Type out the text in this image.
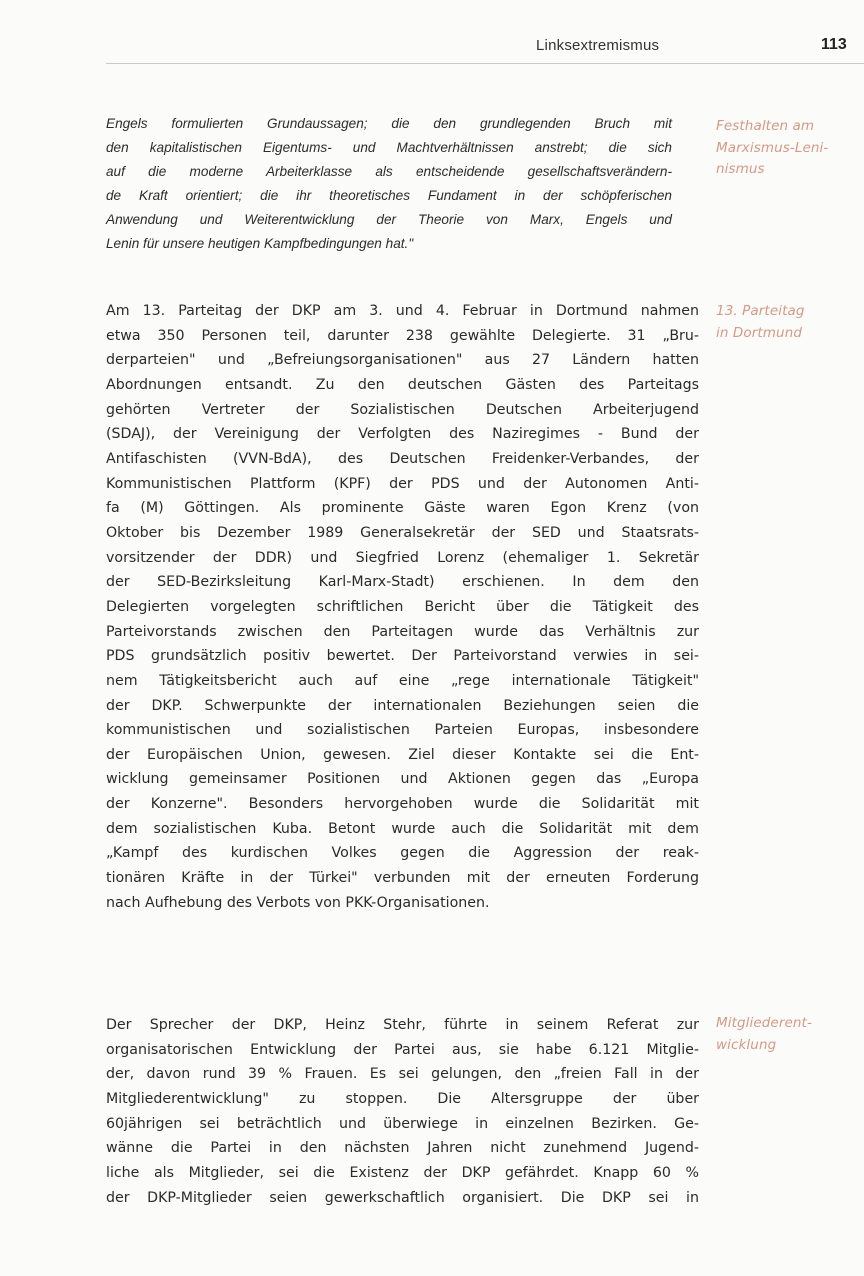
Linksextremismus	113
Engels formulierten Grundaussagen; die den grundlegenden Bruch mit
den kapitalistischen Eigentums- und Machtverhältnissen anstrebt; die sich
auf die moderne Arbeiterklasse als entscheidende gesellschaftsverändern-
de Kraft orientiert; die ihr theoretisches Fundament in der schöpferischen
Anwendung und Weiterentwicklung der Theorie von Marx, Engels und
Lenin für unsere heutigen Kampfbedingungen hat."
Am 13. Parteitag der DKP am 3. und 4. Februar in Dortmund nahmen
etwa 350 Personen teil, darunter 238 gewählte Delegierte. 31 „Bru-
derparteien" und „Befreiungsorganisationen" aus 27 Ländern hatten
Abordnungen entsandt. Zu den deutschen Gästen des Parteitags
gehörten Vertreter der Sozialistischen Deutschen Arbeiterjugend
(SDAJ), der Vereinigung der Verfolgten des Naziregimes - Bund der
Antifaschisten (VVN-BdA), des Deutschen Freidenker-Verbandes, der
Kommunistischen Plattform (KPF) der PDS und der Autonomen Anti-
fa (M) Göttingen. Als prominente Gäste waren Egon Krenz (von
Oktober bis Dezember 1989 Generalsekretär der SED und Staatsrats-
vorsitzender der DDR) und Siegfried Lorenz (ehemaliger 1. Sekretär
der SED-Bezirksleitung Karl-Marx-Stadt) erschienen. In dem den
Delegierten vorgelegten schriftlichen Bericht über die Tätigkeit des
Parteivorstands zwischen den Parteitagen wurde das Verhältnis zur
PDS grundsätzlich positiv bewertet. Der Parteivorstand verwies in sei-
nem Tätigkeitsbericht auch auf eine „rege internationale Tätigkeit"
der DKP. Schwerpunkte der internationalen Beziehungen seien die
kommunistischen und sozialistischen Parteien Europas, insbesondere
der Europäischen Union, gewesen. Ziel dieser Kontakte sei die Ent-
wicklung gemeinsamer Positionen und Aktionen gegen das „Europa
der Konzerne". Besonders hervorgehoben wurde die Solidarität mit
dem sozialistischen Kuba. Betont wurde auch die Solidarität mit dem
„Kampf des kurdischen Volkes gegen die Aggression der reak-
tionären Kräfte in der Türkei" verbunden mit der erneuten Forderung
nach Aufhebung des Verbots von PKK-Organisationen.
Der Sprecher der DKP, Heinz Stehr, führte in seinem Referat zur
organisatorischen Entwicklung der Partei aus, sie habe 6.121 Mitglie-
der, davon rund 39 % Frauen. Es sei gelungen, den „freien Fall in der
Mitgliederentwicklung" zu stoppen. Die Altersgruppe der über
60jährigen sei beträchtlich und überwiege in einzelnen Bezirken. Ge-
wänne die Partei in den nächsten Jahren nicht zunehmend Jugend-
liche als Mitglieder, sei die Existenz der DKP gefährdet. Knapp 60 %
der DKP-Mitglieder seien gewerkschaftlich organisiert. Die DKP sei in
Festhalten am
Marxismus-Leni-
nismus
13. Parteitag
in Dortmund
Mitgliederent-
wicklung
